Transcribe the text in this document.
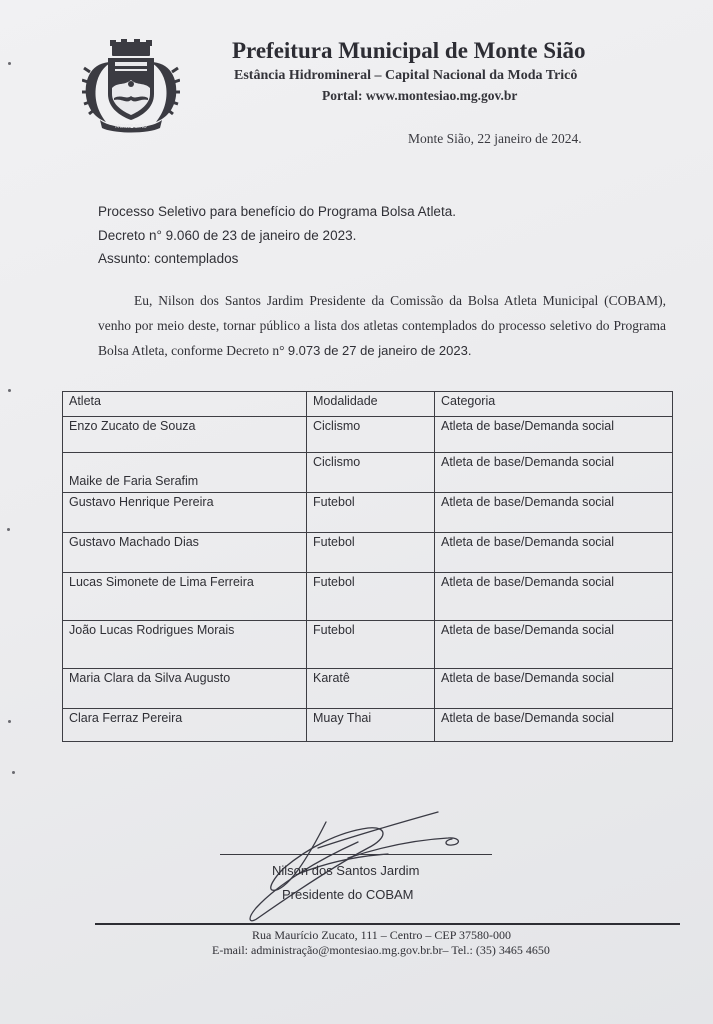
MONTE SIÃO
Prefeitura Municipal de Monte Sião
Estância Hidromineral – Capital Nacional da Moda Tricô
Portal: www.montesiao.mg.gov.br
Monte Sião, 22 janeiro de 2024.
Processo Seletivo para benefício do Programa Bolsa Atleta.
Decreto n° 9.060 de 23 de janeiro de 2023.
Assunto: contemplados
Eu, Nilson dos Santos Jardim Presidente da Comissão da Bolsa Atleta Municipal (COBAM), venho por meio deste, tornar público a lista dos atletas contemplados do processo seletivo do Programa Bolsa Atleta, conforme Decreto n° 9.073 de 27 de janeiro de 2023.
Atleta	Modalidade	Categoria
Enzo Zucato de Souza	Ciclismo	Atleta de base/Demanda social
Maike de Faria Serafim	Ciclismo	Atleta de base/Demanda social
Gustavo Henrique Pereira	Futebol	Atleta de base/Demanda social
Gustavo Machado Dias	Futebol	Atleta de base/Demanda social
Lucas Simonete de Lima Ferreira	Futebol	Atleta de base/Demanda social
João Lucas Rodrigues Morais	Futebol	Atleta de base/Demanda social
Maria Clara da Silva Augusto	Karatê	Atleta de base/Demanda social
Clara Ferraz Pereira	Muay Thai	Atleta de base/Demanda social
Nilson dos Santos Jardim
Presidente do COBAM
Rua Maurício Zucato, 111 – Centro – CEP 37580-000
E-mail: administração@montesiao.mg.gov.br.br– Tel.: (35) 3465 4650
